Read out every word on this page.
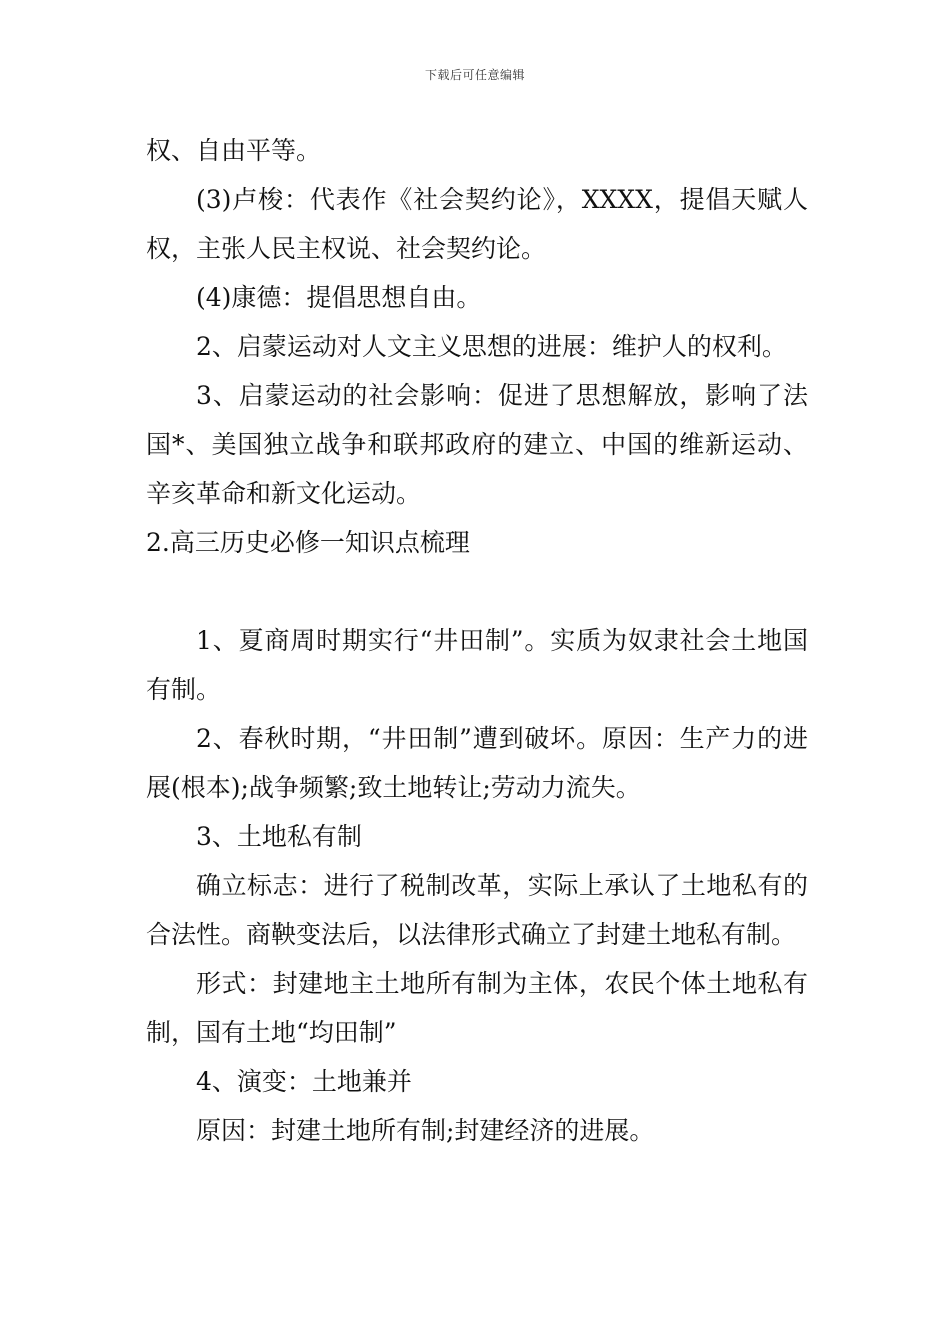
下载后可任意编辑

权、自由平等。

(3)卢梭：代表作《社会契约论》，XXXX，提倡天赋人权，主张人民主权说、社会契约论。

(4)康德：提倡思想自由。

2、启蒙运动对人文主义思想的进展：维护人的权利。

3、启蒙运动的社会影响：促进了思想解放，影响了法国*、美国独立战争和联邦政府的建立、中国的维新运动、辛亥革命和新文化运动。

2.高三历史必修一知识点梳理

1、夏商周时期实行“井田制”。实质为奴隶社会土地国有制。

2、春秋时期，“井田制”遭到破坏。原因：生产力的进展(根本);战争频繁;致土地转让;劳动力流失。

3、土地私有制

确立标志：进行了税制改革，实际上承认了土地私有的合法性。商鞅变法后，以法律形式确立了封建土地私有制。

形式：封建地主土地所有制为主体，农民个体土地私有制，国有土地“均田制”

4、演变：土地兼并

原因：封建土地所有制;封建经济的进展。
